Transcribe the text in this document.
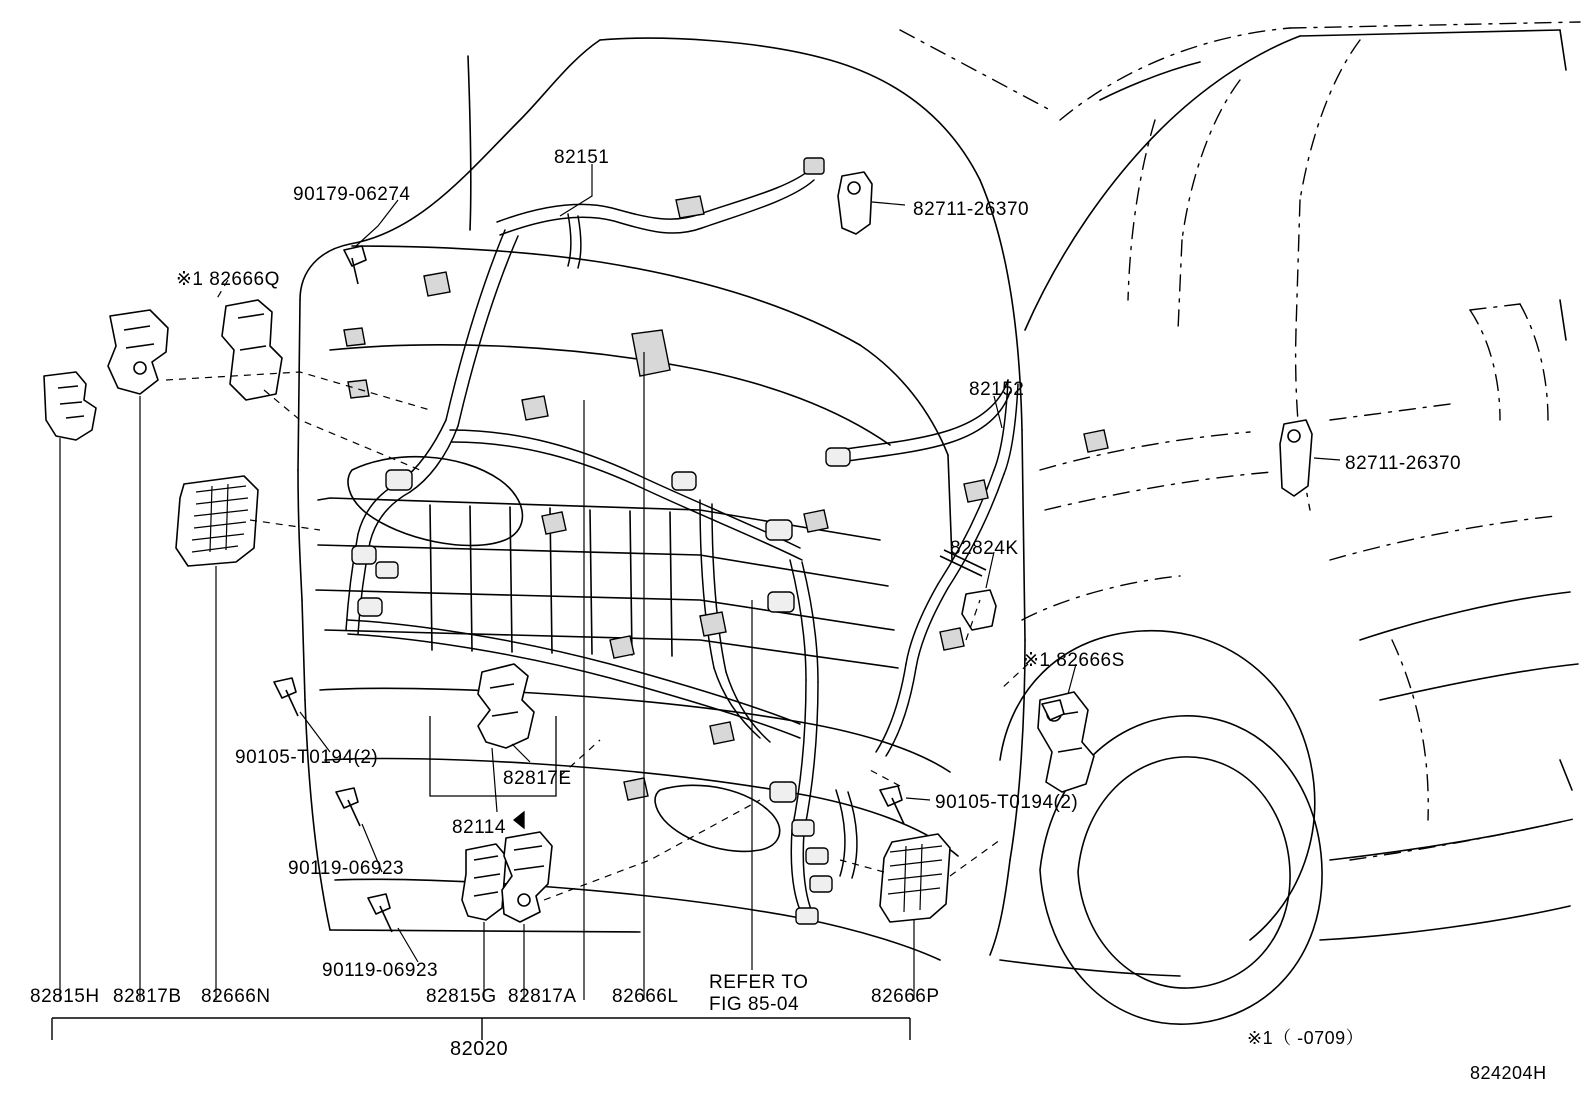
82151
90179-06274
82711-26370
※1 82666Q
82152
82711-26370
82824K
※1 82666S
90105-T0194(2)
82817E
90105-T0194(2)
82114
90119-06923
90119-06923
82815H 82817B 82666N	82815G 82817A 82666L	82666P
REFER TO
FIG 85-04
82020	※1（ -0709）
824204H
